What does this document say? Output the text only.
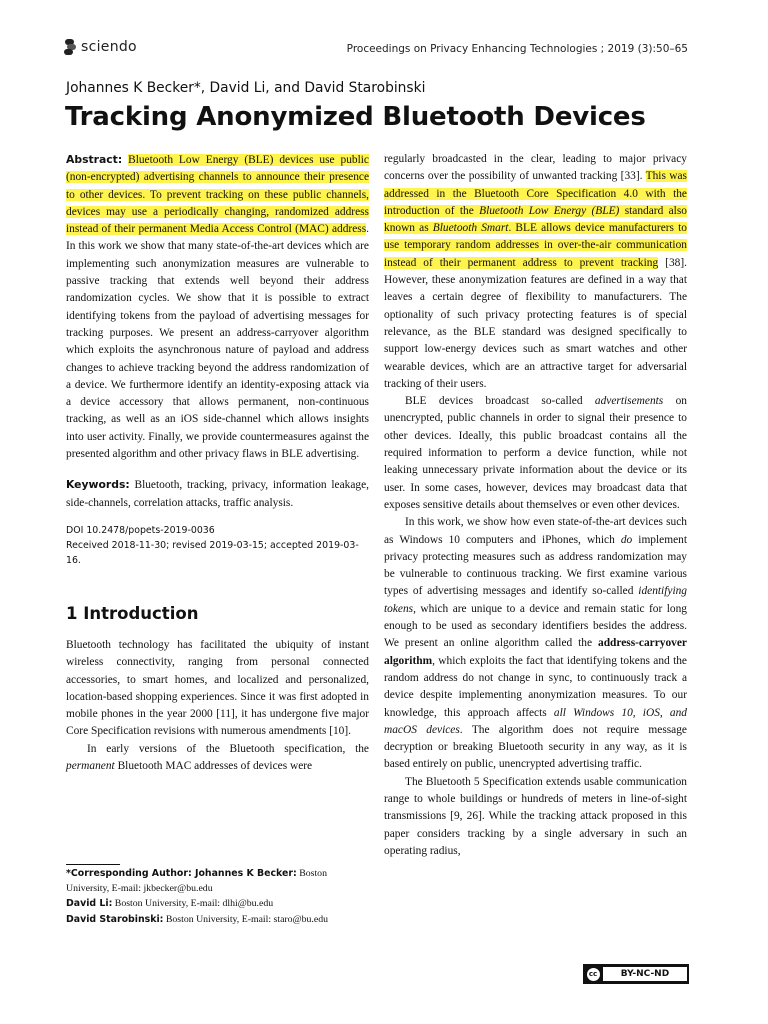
sciendo	Proceedings on Privacy Enhancing Technologies ; 2019 (3):50–65
Johannes K Becker*, David Li, and David Starobinski
Tracking Anonymized Bluetooth Devices

Abstract: Bluetooth Low Energy (BLE) devices use public (non-encrypted) advertising channels to announce their presence to other devices. To prevent tracking on these public channels, devices may use a periodically changing, randomized address instead of their permanent Media Access Control (MAC) address. In this work we show that many state-of-the-art devices which are implementing such anonymization measures are vulnerable to passive tracking that extends well beyond their address randomization cycles. We show that it is possible to extract identifying tokens from the payload of advertising messages for tracking purposes. We present an address-carryover algorithm which exploits the asynchronous nature of payload and address changes to achieve tracking beyond the address randomization of a device. We furthermore identify an identity-exposing attack via a device accessory that allows permanent, non-continuous tracking, as well as an iOS side-channel which allows insights into user activity. Finally, we provide countermeasures against the presented algorithm and other privacy flaws in BLE advertising.

Keywords: Bluetooth, tracking, privacy, information leakage, side-channels, correlation attacks, traffic analysis.

DOI 10.2478/popets-2019-0036
Received 2018-11-30; revised 2019-03-15; accepted 2019-03-16.

1 Introduction

Bluetooth technology has facilitated the ubiquity of instant wireless connectivity, ranging from personal connected accessories, to smart homes, and localized and personalized, location-based shopping experiences. Since it was first adopted in mobile phones in the year 2000 [11], it has undergone five major Core Specification revisions with numerous amendments [10].

In early versions of the Bluetooth specification, the permanent Bluetooth MAC addresses of devices were

*Corresponding Author: Johannes K Becker: Boston University, E-mail: jkbecker@bu.edu

David Li: Boston University, E-mail: dlhi@bu.edu

David Starobinski: Boston University, E-mail: staro@bu.edu

regularly broadcasted in the clear, leading to major privacy concerns over the possibility of unwanted tracking [33]. This was addressed in the Bluetooth Core Specification 4.0 with the introduction of the Bluetooth Low Energy (BLE) standard also known as Bluetooth Smart. BLE allows device manufacturers to use temporary random addresses in over-the-air communication instead of their permanent address to prevent tracking [38]. However, these anonymization features are defined in a way that leaves a certain degree of flexibility to manufacturers. The optionality of such privacy protecting features is of special relevance, as the BLE standard was designed specifically to support low-energy devices such as smart watches and other wearable devices, which are an attractive target for adversarial tracking of their users.

BLE devices broadcast so-called advertisements on unencrypted, public channels in order to signal their presence to other devices. Ideally, this public broadcast contains all the required information to perform a device function, while not leaking unnecessary private information about the device or its user. In some cases, however, devices may broadcast data that exposes sensitive details about themselves or even other devices.

In this work, we show how even state-of-the-art devices such as Windows 10 computers and iPhones, which do implement privacy protecting measures such as address randomization may be vulnerable to continuous tracking. We first examine various types of advertising messages and identify so-called identifying tokens, which are unique to a device and remain static for long enough to be used as secondary identifiers besides the address. We present an online algorithm called the address-carryover algorithm, which exploits the fact that identifying tokens and the random address do not change in sync, to continuously track a device despite implementing anonymization measures. To our knowledge, this approach affects all Windows 10, iOS, and macOS devices. The algorithm does not require message decryption or breaking Bluetooth security in any way, as it is based entirely on public, unencrypted advertising traffic.

The Bluetooth 5 Specification extends usable communication range to whole buildings or hundreds of meters in line-of-sight transmissions [9, 26]. While the tracking attack proposed in this paper considers tracking by a single adversary in such an operating radius,

cc	BY-NC-ND
